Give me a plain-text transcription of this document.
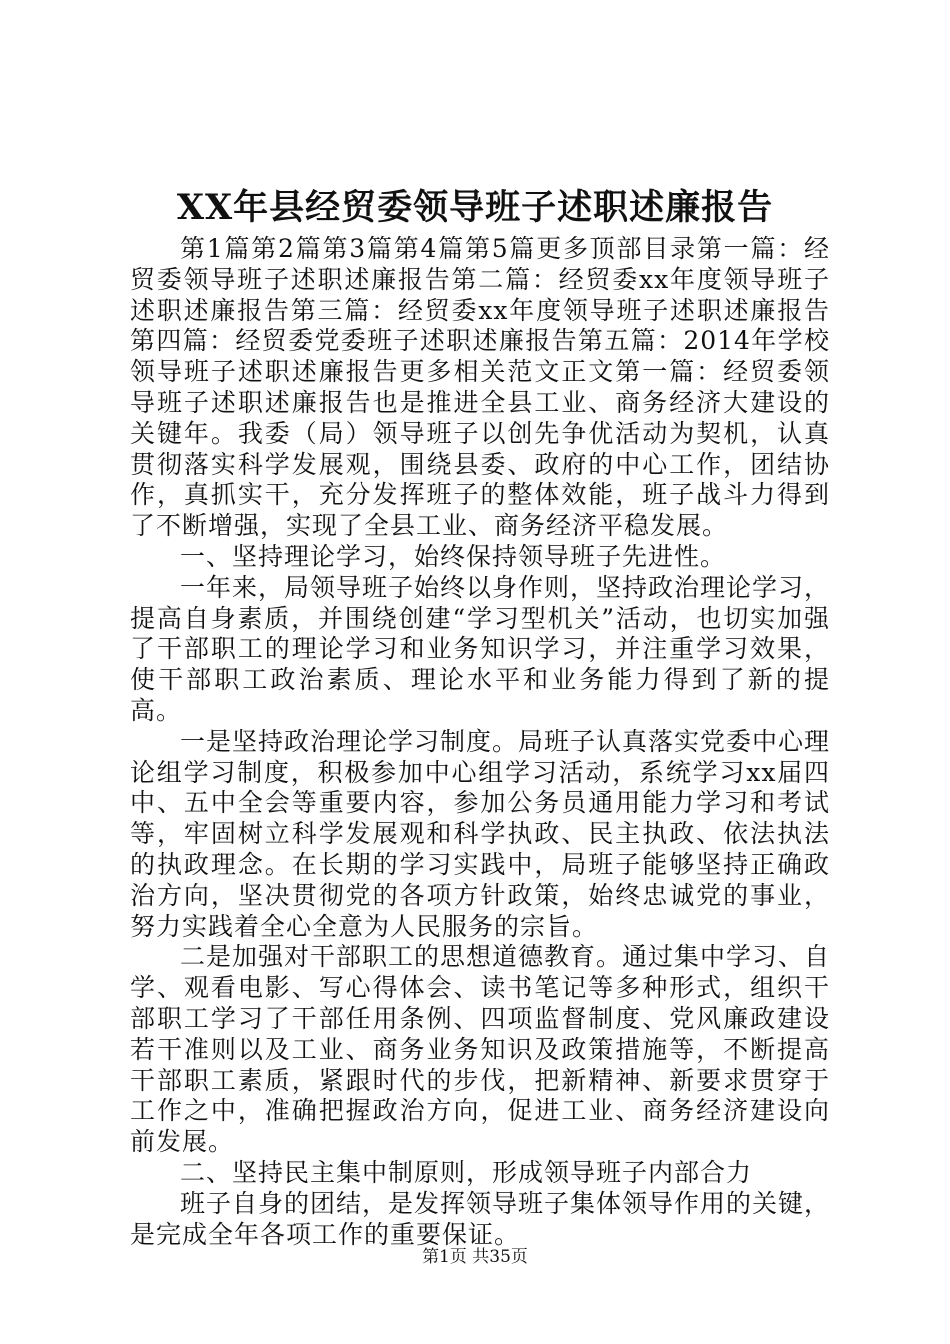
XX年县经贸委领导班子述职述廉报告

第1篇第2篇第3篇第4篇第5篇更多顶部目录第一篇：经贸委领导班子述职述廉报告第二篇：经贸委xx年度领导班子述职述廉报告第三篇：经贸委xx年度领导班子述职述廉报告第四篇：经贸委党委班子述职述廉报告第五篇：2014年学校领导班子述职述廉报告更多相关范文正文第一篇：经贸委领导班子述职述廉报告也是推进全县工业、商务经济大建设的关键年。我委（局）领导班子以创先争优活动为契机，认真贯彻落实科学发展观，围绕县委、政府的中心工作，团结协作，真抓实干，充分发挥班子的整体效能，班子战斗力得到了不断增强，实现了全县工业、商务经济平稳发展。

一、坚持理论学习，始终保持领导班子先进性。

一年来，局领导班子始终以身作则，坚持政治理论学习，提高自身素质，并围绕创建“学习型机关”活动，也切实加强了干部职工的理论学习和业务知识学习，并注重学习效果，使干部职工政治素质、理论水平和业务能力得到了新的提高。

一是坚持政治理论学习制度。局班子认真落实党委中心理论组学习制度，积极参加中心组学习活动，系统学习xx届四中、五中全会等重要内容，参加公务员通用能力学习和考试等，牢固树立科学发展观和科学执政、民主执政、依法执法的执政理念。在长期的学习实践中，局班子能够坚持正确政治方向，坚决贯彻党的各项方针政策，始终忠诚党的事业，努力实践着全心全意为人民服务的宗旨。

二是加强对干部职工的思想道德教育。通过集中学习、自学、观看电影、写心得体会、读书笔记等多种形式，组织干部职工学习了干部任用条例、四项监督制度、党风廉政建设若干准则以及工业、商务业务知识及政策措施等，不断提高干部职工素质，紧跟时代的步伐，把新精神、新要求贯穿于工作之中，准确把握政治方向，促进工业、商务经济建设向前发展。

二、坚持民主集中制原则，形成领导班子内部合力

班子自身的团结，是发挥领导班子集体领导作用的关键，是完成全年各项工作的重要保证。

第1页 共35页
